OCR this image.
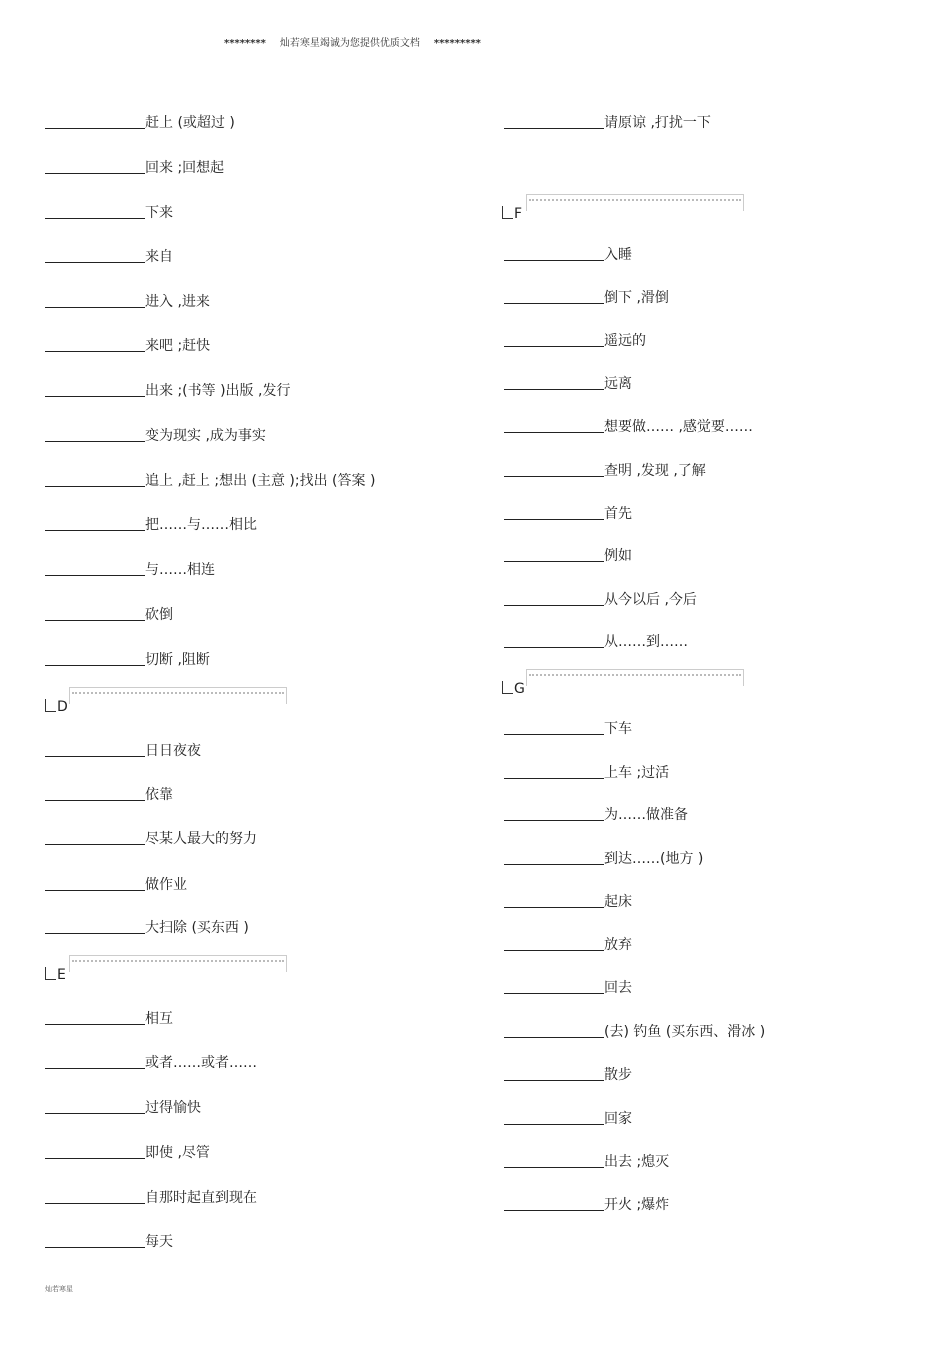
******** 灿若寒星竭诚为您提供优质文档 *********
赶上 (或超过 )
回来 ;回想起
下来
来自
进入 ,进来
来吧 ;赶快
出来 ;(书等 )出版 ,发行
变为现实 ,成为事实
追上 ,赶上 ;想出 (主意 );找出 (答案 )
把……与……相比
与……相连
砍倒
切断 ,阻断
D
日日夜夜
依靠
尽某人最大的努力
做作业
大扫除 (买东西 )
E
相互
或者……或者……
过得愉快
即使 ,尽管
自那时起直到现在
每天
请原谅 ,打扰一下
F
入睡
倒下 ,滑倒
遥远的
远离
想要做…… ,感觉要……
查明 ,发现 ,了解
首先
例如
从今以后 ,今后
从……到……
G
下车
上车 ;过活
为……做准备
到达……(地方 )
起床
放弃
回去
(去) 钓鱼 (买东西、滑冰 )
散步
回家
出去 ;熄灭
开火 ;爆炸
灿若寒星
